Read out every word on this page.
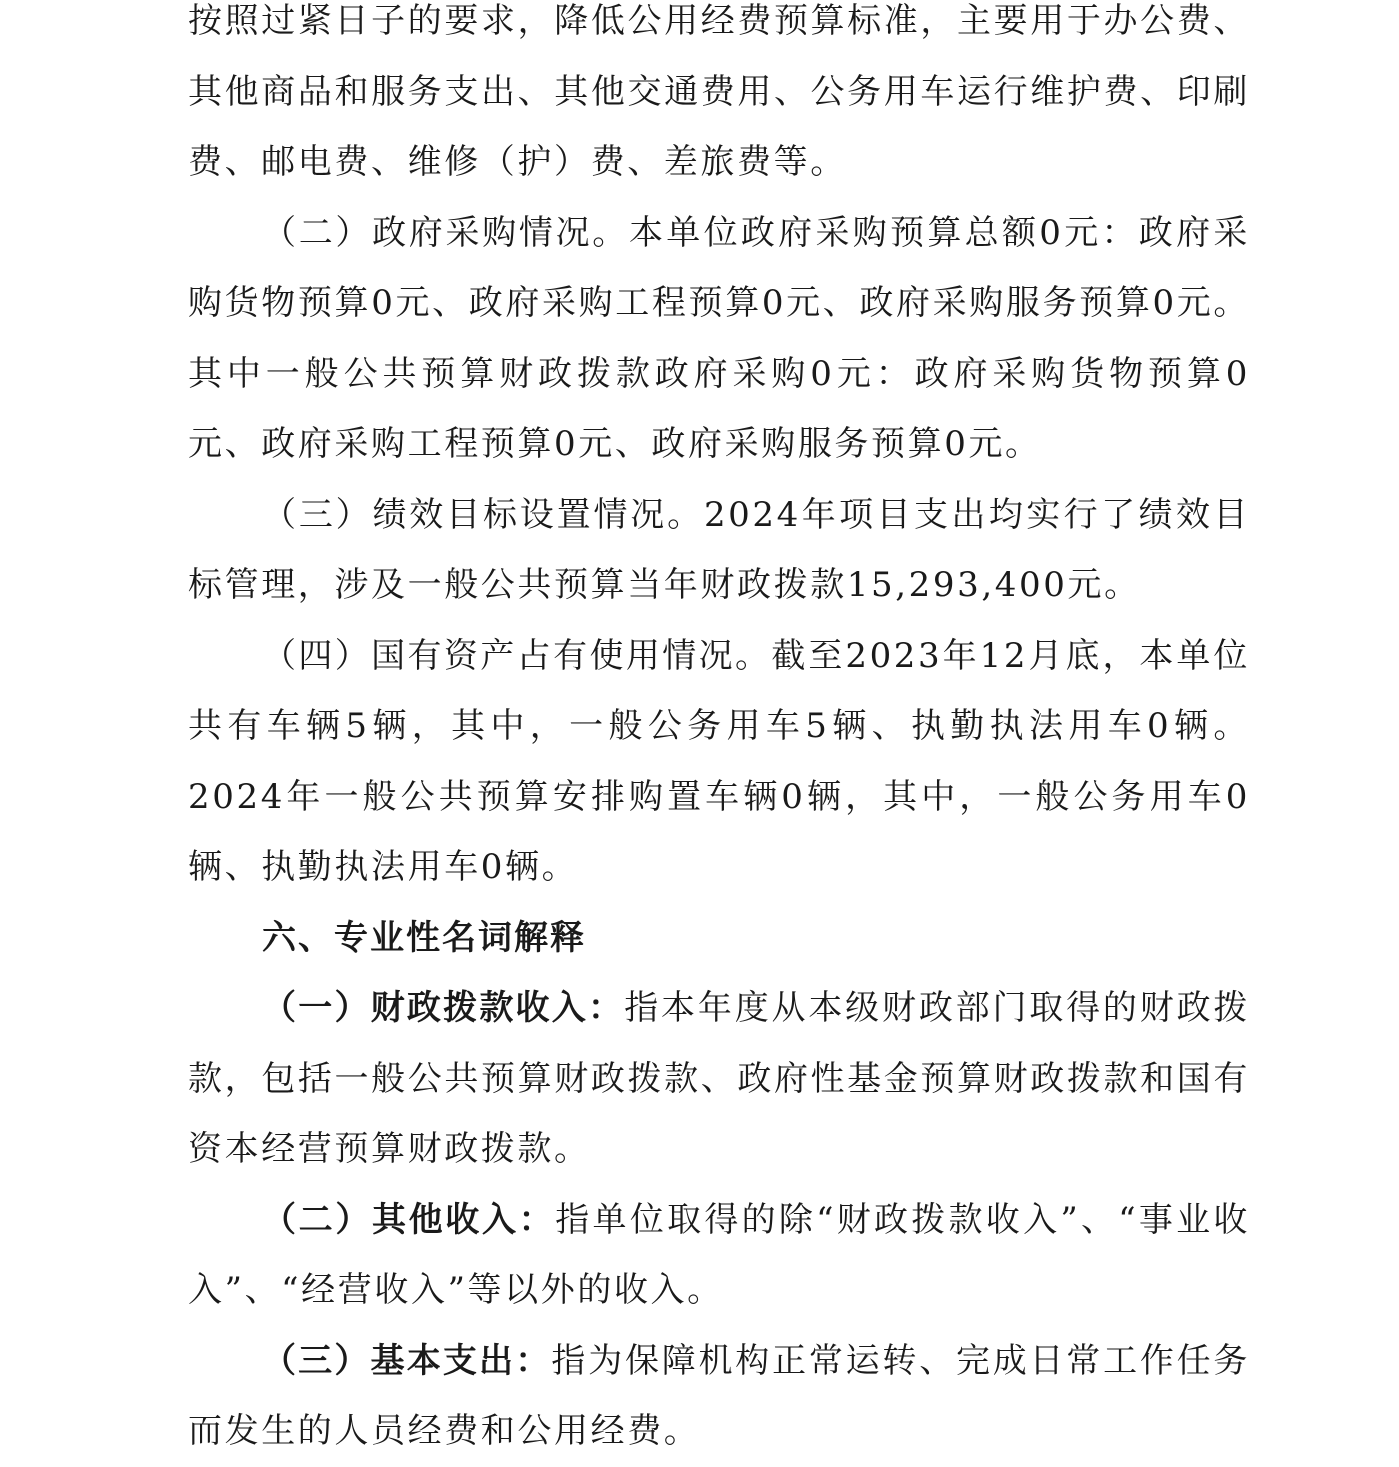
按照过紧日子的要求，降低公用经费预算标准，主要用于办公费、其他商品和服务支出、其他交通费用、公务用车运行维护费、印刷费、邮电费、维修（护）费、差旅费等。

（二）政府采购情况。本单位政府采购预算总额0元：政府采购货物预算0元、政府采购工程预算0元、政府采购服务预算0元。其中一般公共预算财政拨款政府采购0元：政府采购货物预算0元、政府采购工程预算0元、政府采购服务预算0元。

（三）绩效目标设置情况。2024年项目支出均实行了绩效目标管理，涉及一般公共预算当年财政拨款15,293,400元。

（四）国有资产占有使用情况。截至2023年12月底，本单位共有车辆5辆，其中，一般公务用车5辆、执勤执法用车0辆。2024年一般公共预算安排购置车辆0辆，其中，一般公务用车0辆、执勤执法用车0辆。

六、专业性名词解释

（一）财政拨款收入：指本年度从本级财政部门取得的财政拨款，包括一般公共预算财政拨款、政府性基金预算财政拨款和国有资本经营预算财政拨款。

（二）其他收入：指单位取得的除“财政拨款收入”、“事业收入”、“经营收入”等以外的收入。

（三）基本支出：指为保障机构正常运转、完成日常工作任务而发生的人员经费和公用经费。
